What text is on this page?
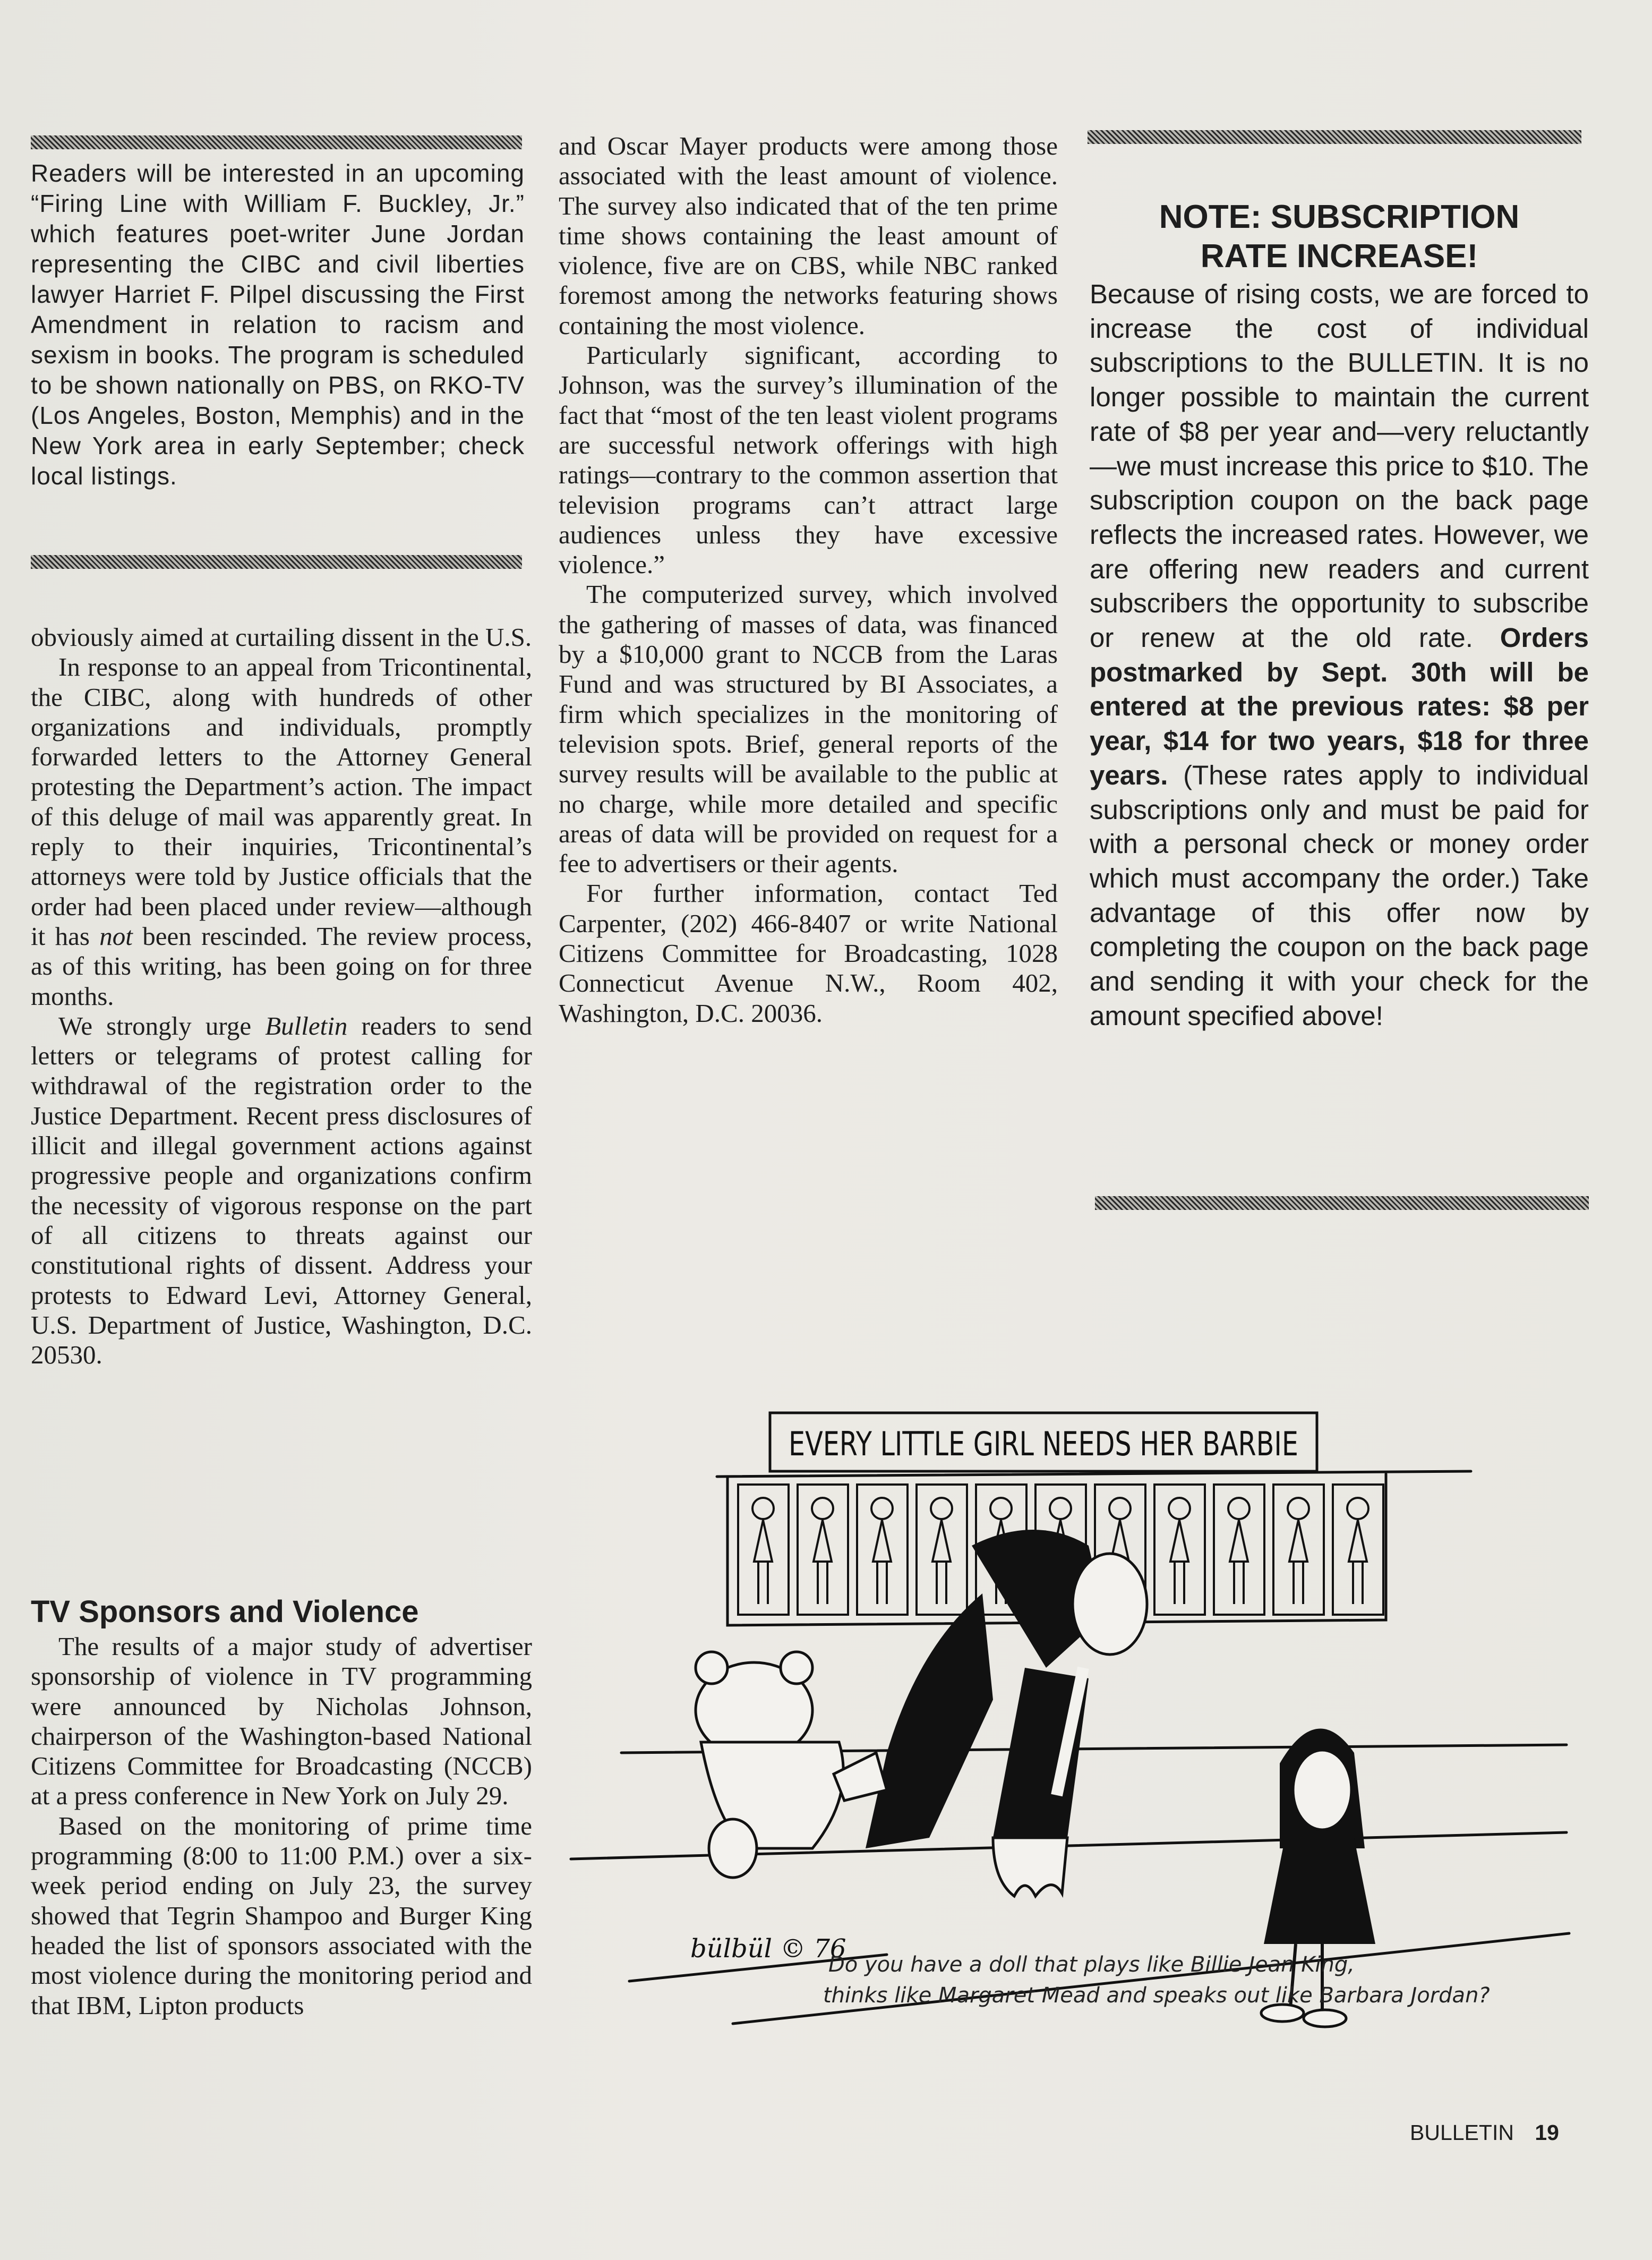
Readers will be interested in an upcoming “Firing Line with William F. Buckley, Jr.” which features poet-writer June Jordan representing the CIBC and civil liberties lawyer Harriet F. Pilpel discussing the First Amendment in relation to racism and sexism in books. The program is scheduled to be shown nationally on PBS, on RKO-TV (Los Angeles, Boston, Memphis) and in the New York area in early September; check local listings.

obviously aimed at curtailing dissent in the U.S.

In response to an appeal from Tricontinental, the CIBC, along with hundreds of other organizations and individuals, promptly forwarded letters to the Attorney General protesting the Department’s action. The impact of this deluge of mail was apparently great. In reply to their inquiries, Tricontinental’s attorneys were told by Justice officials that the order had been placed under review—although it has not been rescinded. The review process, as of this writing, has been going on for three months.

We strongly urge Bulletin readers to send letters or telegrams of protest calling for withdrawal of the registration order to the Justice Department. Recent press disclosures of illicit and illegal government actions against progressive people and organizations confirm the necessity of vigorous response on the part of all citizens to threats against our constitutional rights of dissent. Address your protests to Edward Levi, Attorney General, U.S. Department of Justice, Washington, D.C. 20530.

TV Sponsors and Violence

The results of a major study of advertiser sponsorship of violence in TV programming were announced by Nicholas Johnson, chairperson of the Washington-based National Citizens Committee for Broadcasting (NCCB) at a press conference in New York on July 29.

Based on the monitoring of prime time programming (8:00 to 11:00 P.M.) over a six-week period ending on July 23, the survey showed that Tegrin Shampoo and Burger King headed the list of sponsors associated with the most violence during the monitoring period and that IBM, Lipton products

and Oscar Mayer products were among those associated with the least amount of violence. The survey also indicated that of the ten prime time shows containing the least amount of violence, five are on CBS, while NBC ranked foremost among the networks featuring shows containing the most violence.

Particularly significant, according to Johnson, was the survey’s illumination of the fact that “most of the ten least violent programs are successful network offerings with high ratings—contrary to the common assertion that television programs can’t attract large audiences unless they have excessive violence.”

The computerized survey, which involved the gathering of masses of data, was financed by a $10,000 grant to NCCB from the Laras Fund and was structured by BI Associates, a firm which specializes in the monitoring of television spots. Brief, general reports of the survey results will be available to the public at no charge, while more detailed and specific areas of data will be provided on request for a fee to advertisers or their agents.

For further information, contact Ted Carpenter, (202) 466-8407 or write National Citizens Committee for Broadcasting, 1028 Connecticut Avenue N.W., Room 402, Washington, D.C. 20036.

NOTE: SUBSCRIPTION
RATE INCREASE!
Because of rising costs, we are forced to increase the cost of individual subscriptions to the BULLETIN. It is no longer possible to maintain the current rate of $8 per year and—very reluctantly—we must increase this price to $10. The subscription coupon on the back page reflects the increased rates. However, we are offering new readers and current subscribers the opportunity to subscribe or renew at the old rate. Orders postmarked by Sept. 30th will be entered at the previous rates: $8 per year, $14 for two years, $18 for three years. (These rates apply to individual subscriptions only and must be paid for with a personal check or money order which must accompany the order.) Take advantage of this offer now by completing the coupon on the back page and sending it with your check for the amount specified above!
EVERY LITTLE GIRL NEEDS HER BARBIE
bülbül © 76
Do you have a doll that plays like Billie Jean King,
thinks like Margaret Mead and speaks out like Barbara Jordan?
BULLETIN 19
